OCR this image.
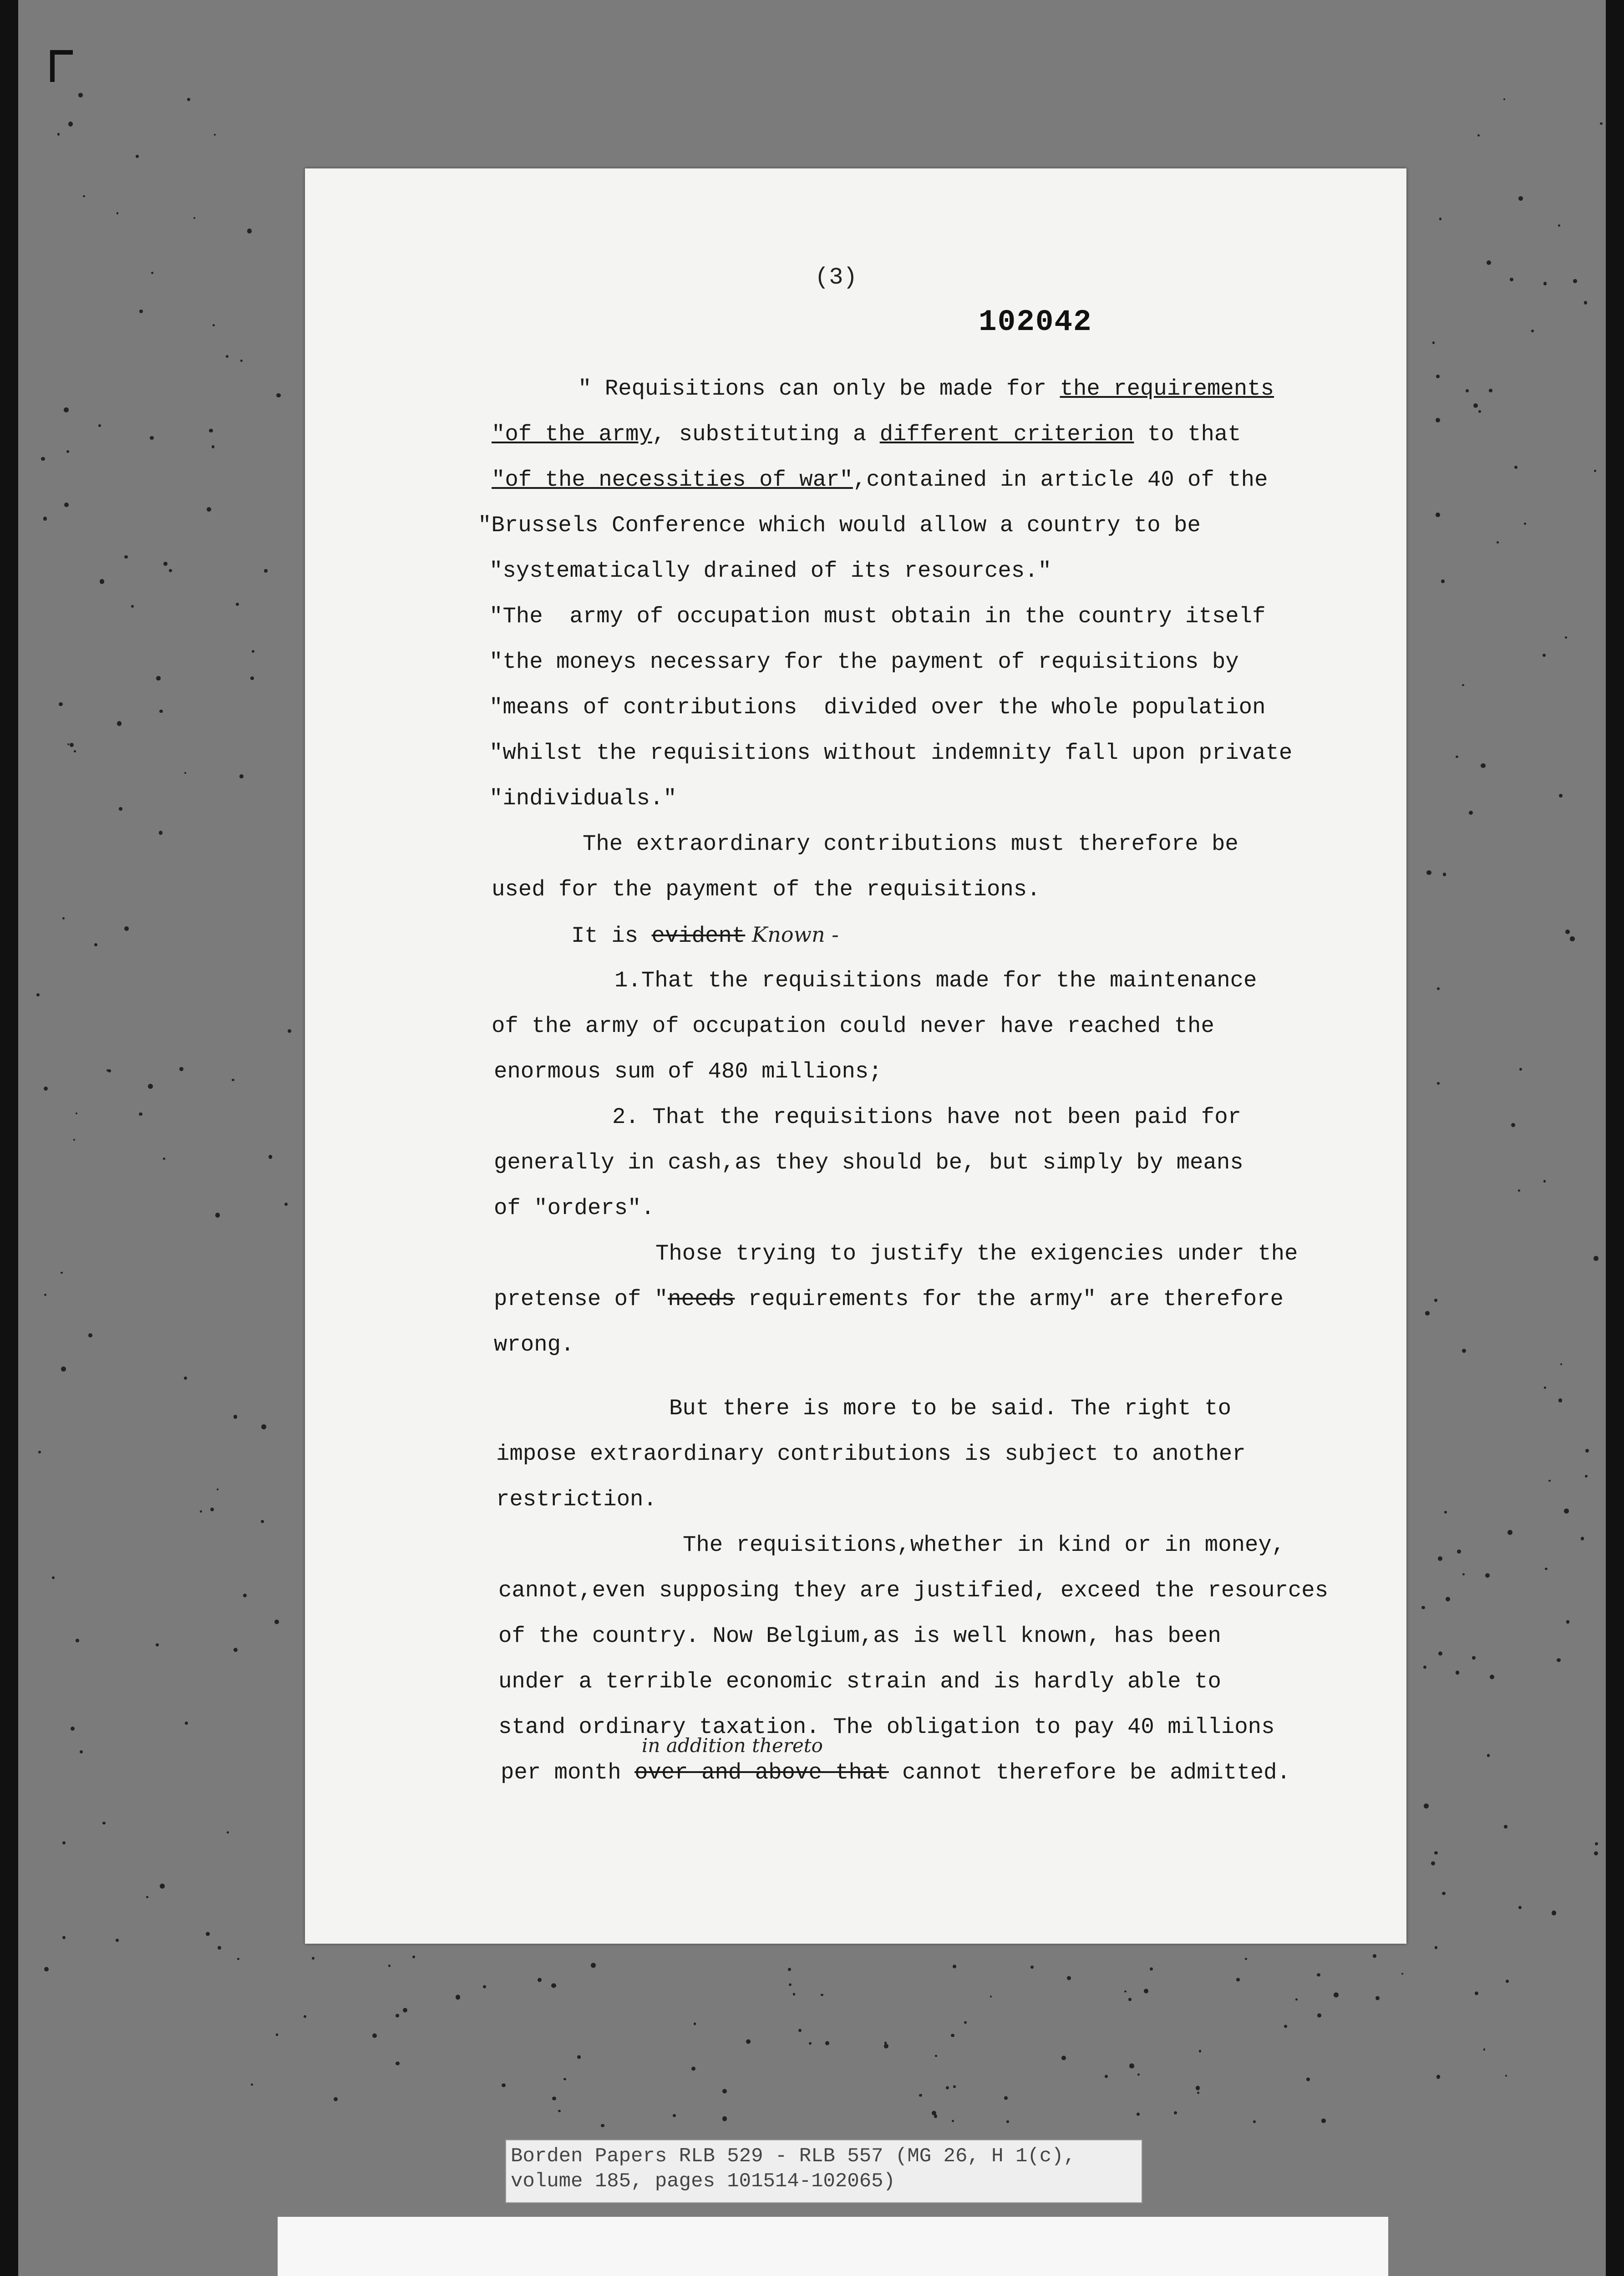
(3)
102042
" Requisitions can only be made for the requirements
"of the army, substituting a different criterion to that
"of the necessities of war",contained in article 40 of the
"Brussels Conference which would allow a country to be
"systematically drained of its resources."
"The  army of occupation must obtain in the country itself
"the moneys necessary for the payment of requisitions by
"means of contributions  divided over the whole population
"whilst the requisitions without indemnity fall upon private
"individuals."
The extraordinary contributions must therefore be
used for the payment of the requisitions.
It is evident Known -
1.That the requisitions made for the maintenance
of the army of occupation could never have reached the
enormous sum of 480 millions;
2. That the requisitions have not been paid for
generally in cash,as they should be, but simply by means
of "orders".
Those trying to justify the exigencies under the
pretense of "needs requirements for the army" are therefore
wrong.
But there is more to be said. The right to
impose extraordinary contributions is subject to another
restriction.
The requisitions,whether in kind or in money,
cannot,even supposing they are justified, exceed the resources
of the country. Now Belgium,as is well known, has been
under a terrible economic strain and is hardly able to
stand ordinary taxation. The obligation to pay 40 millions
per month over and above that cannot therefore be admitted.
in addition thereto
Borden Papers RLB 529 - RLB 557 (MG 26, H 1(c),
volume 185, pages 101514-102065)
